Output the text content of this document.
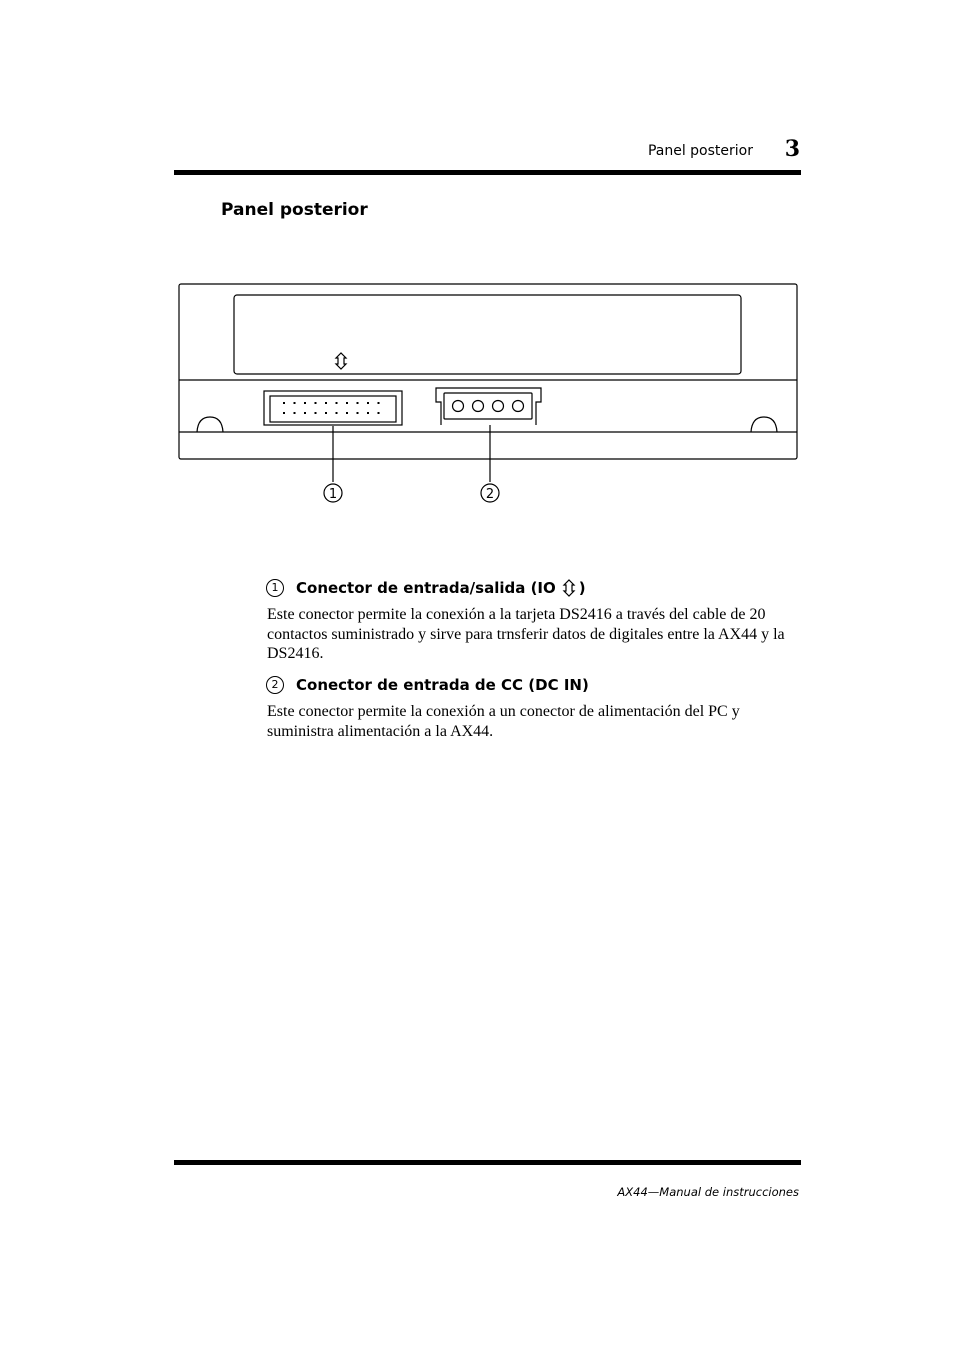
Panel posterior 3
Panel posterior
1	2
1	Conector de entrada/salida (IO )
Este conector permite la conexión a la tarjeta DS2416 a través del cable de 20 contactos suministrado y sirve para trnsferir datos de digitales entre la AX44 y la DS2416.
2	Conector de entrada de CC (DC IN)
Este conector permite la conexión a un conector de alimentación del PC y suministra alimentación a la AX44.
AX44—Manual de instrucciones
